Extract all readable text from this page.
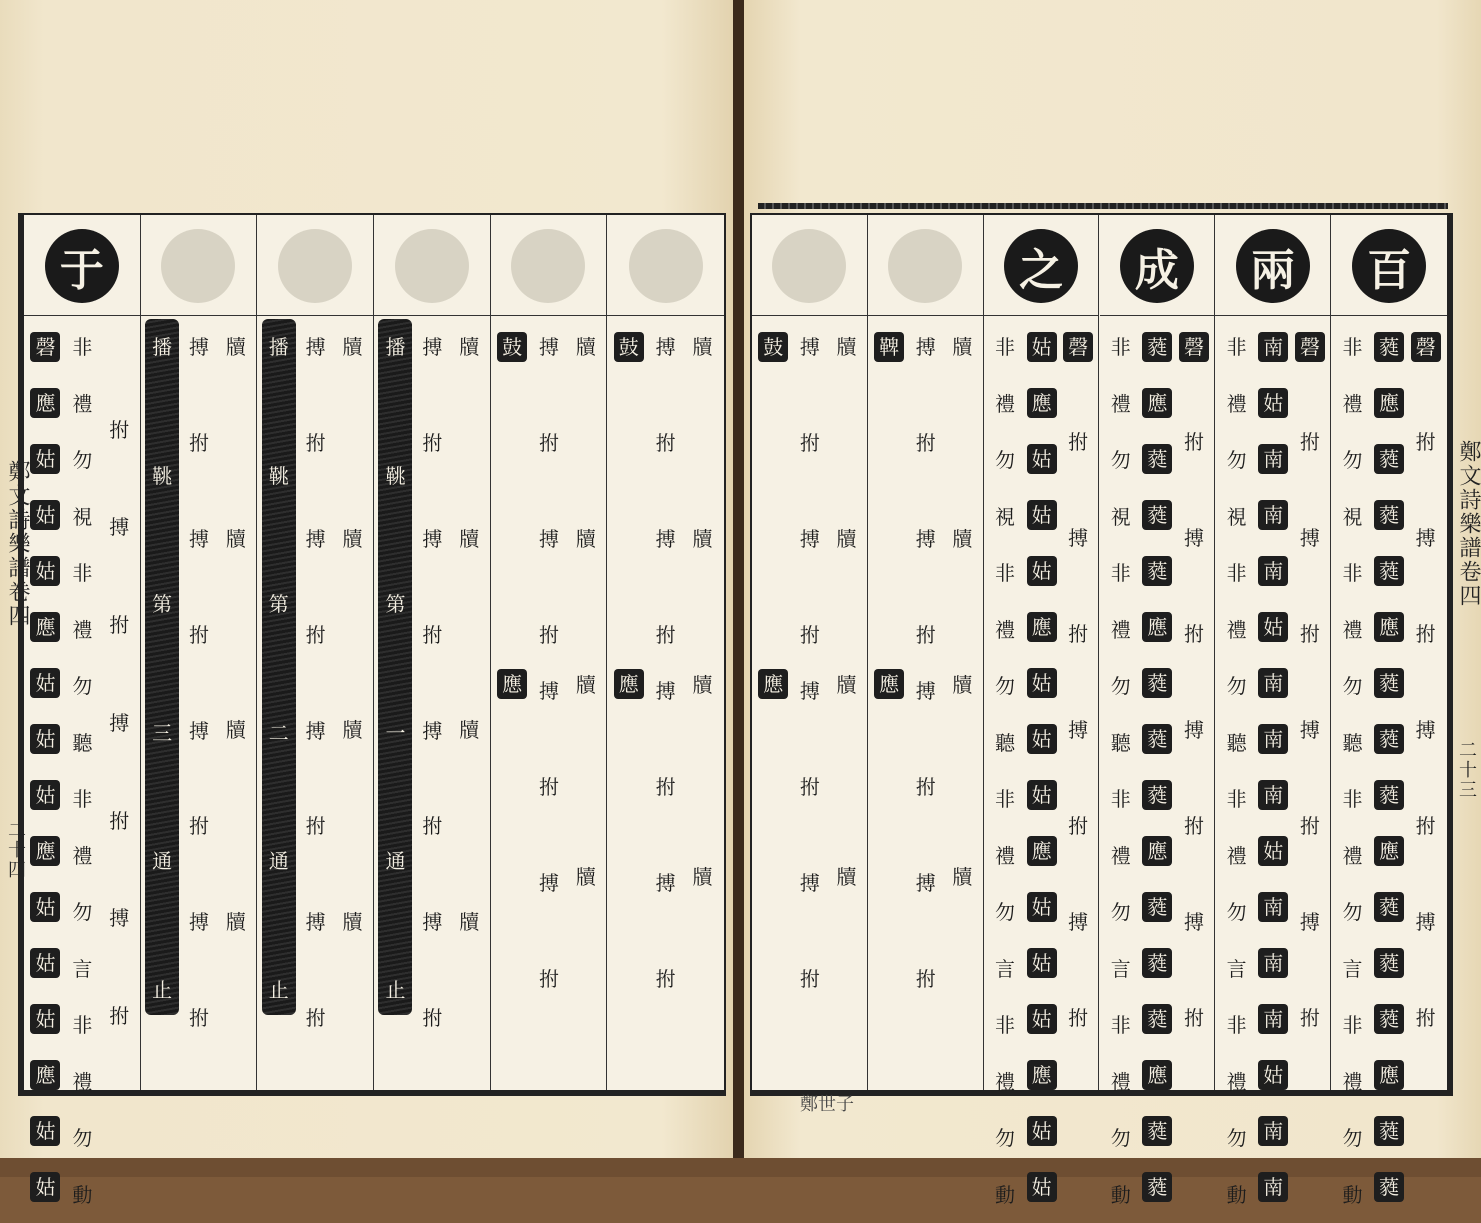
于
磬
應
姑
姑
姑
應
姑
姑
姑
應
姑
姑
姑
應
姑
姑
非
禮
勿
視
非
禮
勿
聽
非
禮
勿
言
非
禮
勿
動
拊
搏
拊
搏
拊
搏
拊
播
鞉
第
三
通
止
搏
拊
搏
拊
搏
拊
搏
拊
牘
牘
牘
牘
播
鞉
第
二
通
止
搏
拊
搏
拊
搏
拊
搏
拊
牘
牘
牘
牘
播
鞉
第
一
通
止
搏
拊
搏
拊
搏
拊
搏
拊
牘
牘
牘
牘
鼓
應
搏
拊
搏
拊
搏
拊
搏
拊
牘
牘
牘
牘
鼓
應
搏
拊
搏
拊
搏
拊
搏
拊
牘
牘
牘
牘
鼓
應
搏
拊
搏
拊
搏
拊
搏
拊
牘
牘
牘
牘
鞞
應
搏
拊
搏
拊
搏
拊
搏
拊
牘
牘
牘
牘
之
非
禮
勿
視
非
禮
勿
聽
非
禮
勿
言
非
禮
勿
動
姑
應
姑
姑
姑
應
姑
姑
姑
應
姑
姑
姑
應
姑
姑
磬
拊
搏
拊
搏
拊
搏
拊
成
非
禮
勿
視
非
禮
勿
聽
非
禮
勿
言
非
禮
勿
動
蕤
應
蕤
蕤
蕤
應
蕤
蕤
蕤
應
蕤
蕤
蕤
應
蕤
蕤
磬
拊
搏
拊
搏
拊
搏
拊
兩
非
禮
勿
視
非
禮
勿
聽
非
禮
勿
言
非
禮
勿
動
南
姑
南
南
南
姑
南
南
南
姑
南
南
南
姑
南
南
磬
拊
搏
拊
搏
拊
搏
拊
百
非
禮
勿
視
非
禮
勿
聽
非
禮
勿
言
非
禮
勿
動
蕤
應
蕤
蕤
蕤
應
蕤
蕤
蕤
應
蕤
蕤
蕤
應
蕤
蕤
磬
拊
搏
拊
搏
拊
搏
拊
鄭文詩樂譜卷四
二十四
鄭文詩樂譜卷四
二十三
鄭世子
